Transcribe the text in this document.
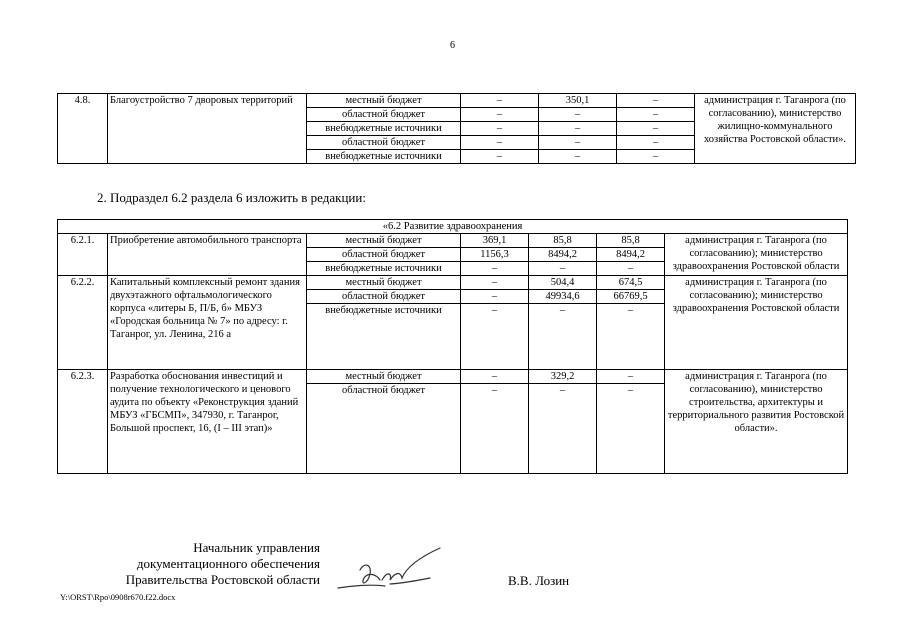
6
4.8.	Благоустройство 7 дворовых территорий	местный бюджет	–	350,1	–	администрация г. Таганрога (по согласованию), министерство жилищно-коммунального хозяйства Ростовской области».
		областной бюджет	–	–	–	
		внебюджетные источники	–	–	–	
		областной бюджет	–	–	–	
		внебюджетные источники	–	–	–	
2. Подраздел 6.2 раздела 6 изложить в редакции:
«6.2 Развитие здравоохранения						
6.2.1.	Приобретение автомобильного транспорта	местный бюджет	369,1	85,8	85,8	администрация г. Таганрога (по согласованию); министерство здравоохранения Ростовской области
		областной бюджет	1156,3	8494,2	8494,2	
		внебюджетные источники	–	–	–	
6.2.2.	Капитальный комплексный ремонт здания двухэтажного офтальмологического корпуса «литеры Б, П/Б, б» МБУЗ «Городская больница № 7» по адресу: г. Таганрог, ул. Ленина, 216 а	местный бюджет	–	504,4	674,5	администрация г. Таганрога (по согласованию); министерство здравоохранения Ростовской области
		областной бюджет	–	49934,6	66769,5	
		внебюджетные источники	–	–	–	
6.2.3.	Разработка обоснования инвестиций и получение технологического и ценового аудита по объекту «Реконструкция зданий МБУЗ «ГБСМП», 347930, г. Таганрог, Большой проспект, 16, (I – III этап)»	местный бюджет	–	329,2	–	администрация г. Таганрога (по согласованию), министерство строительства, архитектуры и территориального развития Ростовской области».
		областной бюджет	–	–	–	
Начальник управления
документационного обеспечения
Правительства Ростовской области	В.В. Лозин
Y:\ORST\Rpo\0908r670.f22.docx
